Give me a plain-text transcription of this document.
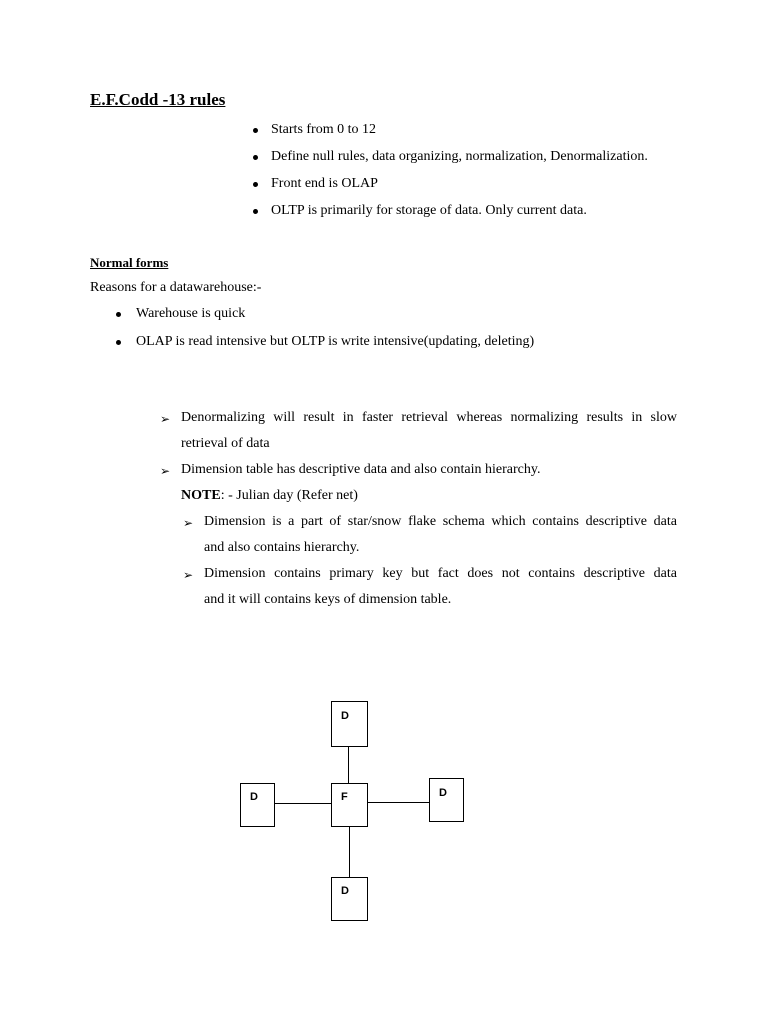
E.F.Codd -13 rules
Starts from 0 to 12
Define null rules, data organizing, normalization, Denormalization.
Front end is OLAP
OLTP is primarily for storage of data. Only current data.
Normal forms
Reasons for a datawarehouse:-
Warehouse is quick
OLAP is read intensive but OLTP is write intensive(updating, deleting)
➢ Denormalizing will result in faster retrieval whereas normalizing results in slow
retrieval of data
➢ Dimension table has descriptive data and also contain hierarchy.
NOTE: - Julian day (Refer net)
➢ Dimension is a part of star/snow flake schema which contains descriptive data
and also contains hierarchy.
➢ Dimension contains primary key but fact does not contains descriptive data
and it will contains keys of dimension table.
D
D	F	D
D
